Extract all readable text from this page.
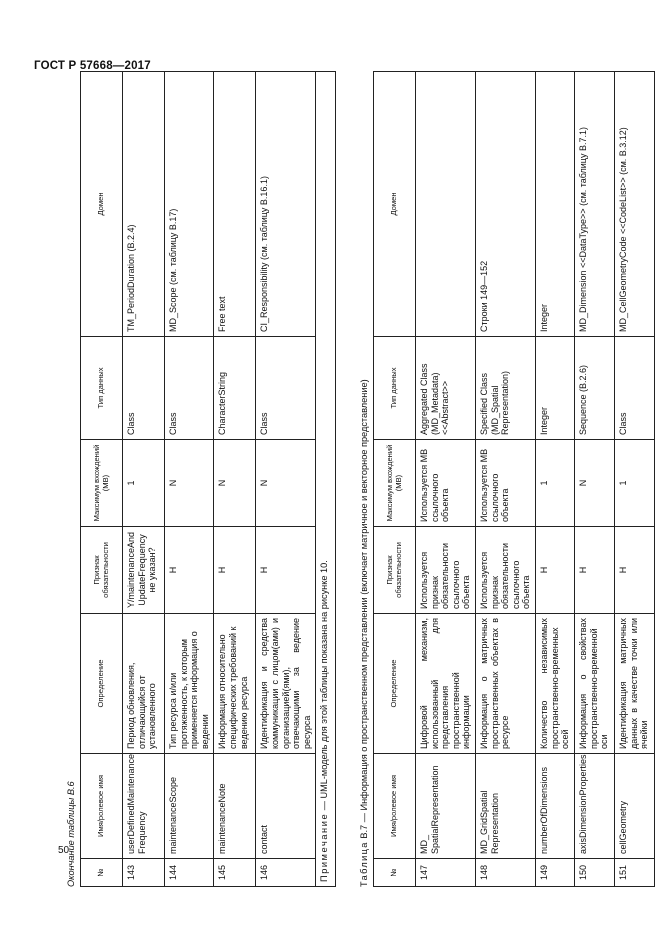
ГОСТ Р 57668—2017
50
Окончание таблицы В.6	№	Имя/ролевое имя	Определение	Признак обязательности	Максимум вхождений (МВ)	Тип данных	Домен
143	userDefinedMaintenance Frequency	Период обновления, отличающийся от установленного	Y/maintenanceAnd UpdateFrequency не указан?	1	Class	TM_PeriodDuration (B.2.4)
144	maintenanceScope	Тип ресурса и/или протяженность, к которым применяется информация о ведении	Н	N	Class	MD_Scope (см. таблицу B.17)
145	maintenanceNote	Информация относительно специфических требований к ведению ресурса	Н	N	CharacterString	Free text
146	contact	Идентификация и средства коммуникации с лицом(ами) и организацией(ями), отвечающими за ведение ресурса	Н	N	Class	CI_Responsibility (см. таблицу B.16.1)
Примечание — UML-модель для этой таблицы показана на рисунке 10.						
Таблица В.7 — Информация о пространственном представлении (включает матричное и векторное представление)
№	Имя/ролевое имя	Определение	Признак обязательности	Максимум вхождений (МВ)	Тип данных	Домен
147	MD_ SpatialRepresentation	Цифровой механизм, использованный для представления пространственной информации	Используется признак обязательности ссылочного объекта	Используется МВ ссылочного объекта	Aggregated Class (MD_Metadata) <<Abstract>>	
148	MD_GridSpatial Representation	Информация о матричных пространственных объектах в ресурсе	Используется признак обязательности ссылочного объекта	Используется МВ ссылочного объекта	Specified Class (MD_Spatial Representation)	Строки 149—152
149	numberOfDimensions	Количество независимых пространственно-временных осей	Н	1	Integer	Integer
150	axisDimensionProperties	Информация о свойствах пространственно-временной оси	Н	N	Sequence (B.2.6)	MD_Dimension <<DataType>> (см. таблицу B.7.1)
151	cellGeometry	Идентификация матричных данных в качестве точки или ячейки	Н	1	Class	MD_CellGeometryCode <<CodeList>> (см. B.3.12)
